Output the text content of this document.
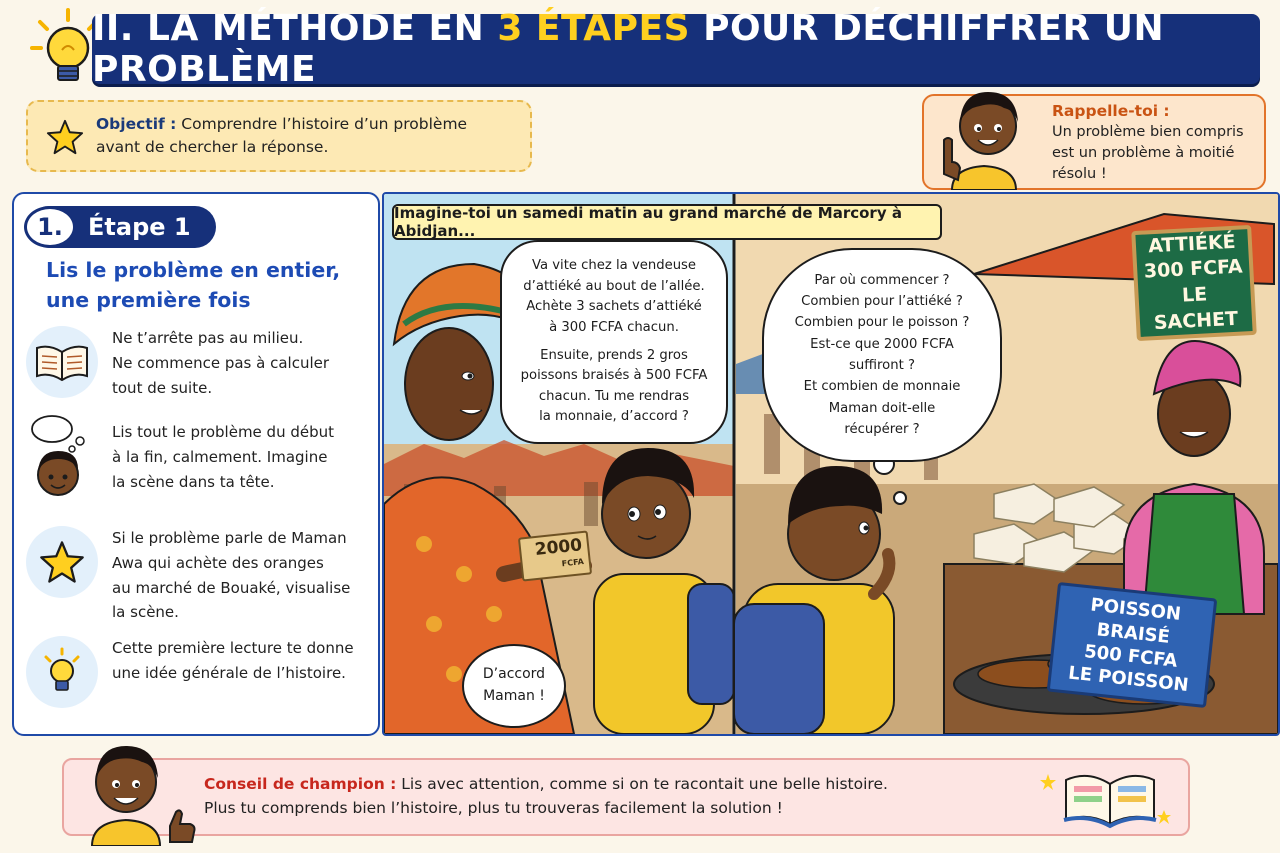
II. LA MÉTHODE EN 3 ÉTAPES POUR DÉCHIFFRER UN PROBLÈME

Objectif : Comprendre l’histoire d’un problème
avant de chercher la réponse.

Rappelle-toi :
Un problème bien compris
est un problème à moitié
résolu !
1.	Étape 1
Lis le problème en entier,
une première fois
Ne t’arrête pas au milieu.
Ne commence pas à calculer
tout de suite.
Lis tout le problème du début
à la fin, calmement. Imagine
la scène dans ta tête.
Si le problème parle de Maman
Awa qui achète des oranges
au marché de Bouaké, visualise
la scène.
Cette première lecture te donne
une idée générale de l’histoire.
Imagine-toi un samedi matin au grand marché de Marcory à Abidjan...

Va vite chez la vendeuse
d’attiéké au bout de l’allée.
Achète 3 sachets d’attiéké
à 300 FCFA chacun.

Ensuite, prends 2 gros
poissons braisés à 500 FCFA
chacun. Tu me rendras
la monnaie, d’accord ?

D’accord
Maman !
Par où commencer ?
Combien pour l’attiéké ?
Combien pour le poisson ?
Est-ce que 2000 FCFA
suffiront ?
Et combien de monnaie
Maman doit-elle
récupérer ?
2000
FCFA
ATTIÉKÉ
300 FCFA
LE SACHET
POISSON BRAISÉ
500 FCFA
LE POISSON
Conseil de champion : Lis avec attention, comme si on te racontait une belle histoire.
Plus tu comprends bien l’histoire, plus tu trouveras facilement la solution !
